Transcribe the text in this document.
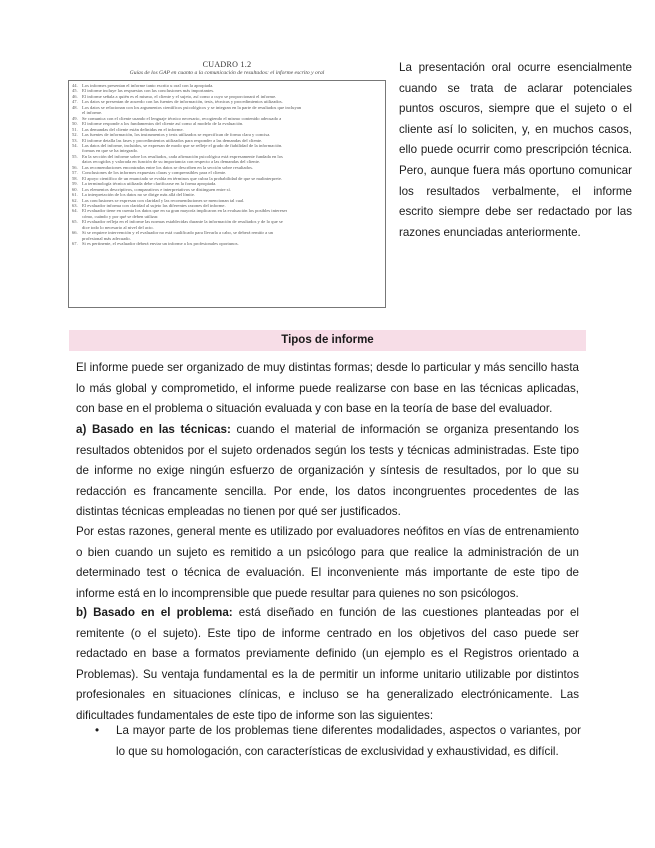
CUADRO 1.2
Guías de los GAP en cuanto a la comunicación de resultados: el informe escrito y oral
44. Los informes presentan el informe tanto escrito u oral con la apropiada.
45. El informe incluye las respuestas con las conclusiones más importantes.
46. El informe señala a quién es el mismo, el cliente y el sujeto, así como a cuyo se proporcionará el informe.
47. Los datos se presentan de acuerdo con las fuentes de información, tests, técnicas y procedimientos utilizados.
48. Los datos se relacionan con los argumentos científicos psicológicos y se integran en la parte de resultados que incluyan
el informe.
49. Se comunica con el cliente usando el lenguaje técnico necesario, recogiendo el mismo contenido adecuado a
50. El informe responde a los fundamentos del cliente así como al modelo de la evaluación.
51. Las demandas del cliente están definidas en el informe.
52. Las fuentes de información, los instrumentos y tests utilizados se especifican de forma clara y concisa.
53. El informe detalla las fases y procedimientos utilizados para responder a las demandas del cliente.
54. Las datos del informe, incluidos, se expresan de modo que se refleje el grado de fiabilidad de la información.
formas en que se ha integrado.
55. En la sección del informe sobre los resultados, cada afirmación psicológica está expresamente fundada en los
datos recogidos y valorada en función de su importancia con respecto a las demandas del cliente.
56. Las recomendaciones encontradas entre los datos se describen en la sección sobre resultados.
57. Conclusiones de los informes expuestas claras y comprensibles para el cliente.
58. El apoyo científico de un enunciado se evalúa en términos que cubra la probabilidad de que se malinterprete.
59. La terminología técnica utilizada debe clarificarse en la forma apropiada.
60. Los elementos descriptivos, comparativos e interpretativos se distinguen entre sí.
61. La interpretación de los datos no se dirige más allá del límite.
62. Las conclusiones se expresan con claridad y las recomendaciones se mencionan tal cual.
63. El evaluador informa con claridad al sujeto las diferentes razones del informe.
64. El evaluador tiene en cuenta los datos que en su gran mayoría implicaron en la evaluación los posibles intereses
cómo, cuándo y por qué se deben utilizar.
65. El evaluador refleja en el informe las normas establecidas durante la información de resultados y de lo que se
dice todo lo necesario al nivel del acto.
66. Si se requiere intervención y el evaluador no está cualificado para llevarla a cabo, se deberá remitir a un
profesional más adecuado.
67. Si es pertinente, el evaluador deberá enviar un informe a los profesionales oportunos.
La presentación oral ocurre esencialmente cuando se trata de aclarar potenciales puntos oscuros, siempre que el sujeto o el cliente así lo soliciten, y, en muchos casos, ello puede ocurrir como prescripción técnica. Pero, aunque fuera más oportuno comunicar los resultados verbalmente, el informe escrito siempre debe ser redactado por las razones enunciadas anteriormente.
Tipos de informe
El informe puede ser organizado de muy distintas formas; desde lo particular y más sencillo hasta lo más global y comprometido, el informe puede realizarse con base en las técnicas aplicadas, con base en el problema o situación evaluada y con base en la teoría de base del evaluador.
a) Basado en las técnicas: cuando el material de información se organiza presentando los resultados obtenidos por el sujeto ordenados según los tests y técnicas administradas. Este tipo de informe no exige ningún esfuerzo de organización y síntesis de resultados, por lo que su redacción es francamente sencilla. Por ende, los datos incongruentes procedentes de las distintas técnicas empleadas no tienen por qué ser justificados.
Por estas razones, general mente es utilizado por evaluadores neófitos en vías de entrenamiento o bien cuando un sujeto es remitido a un psicólogo para que realice la administración de un determinado test o técnica de evaluación. El inconveniente más importante de este tipo de informe está en lo incomprensible que puede resultar para quienes no son psicólogos.
b) Basado en el problema: está diseñado en función de las cuestiones planteadas por el remitente (o el sujeto). Este tipo de informe centrado en los objetivos del caso puede ser redactado en base a formatos previamente definido (un ejemplo es el Registros orientado a Problemas). Su ventaja fundamental es la de permitir un informe unitario utilizable por distintos profesionales en situaciones clínicas, e incluso se ha generalizado electrónicamente. Las dificultades fundamentales de este tipo de informe son las siguientes:
• La mayor parte de los problemas tiene diferentes modalidades, aspectos o variantes, por lo que su homologación, con características de exclusividad y exhaustividad, es difícil.
